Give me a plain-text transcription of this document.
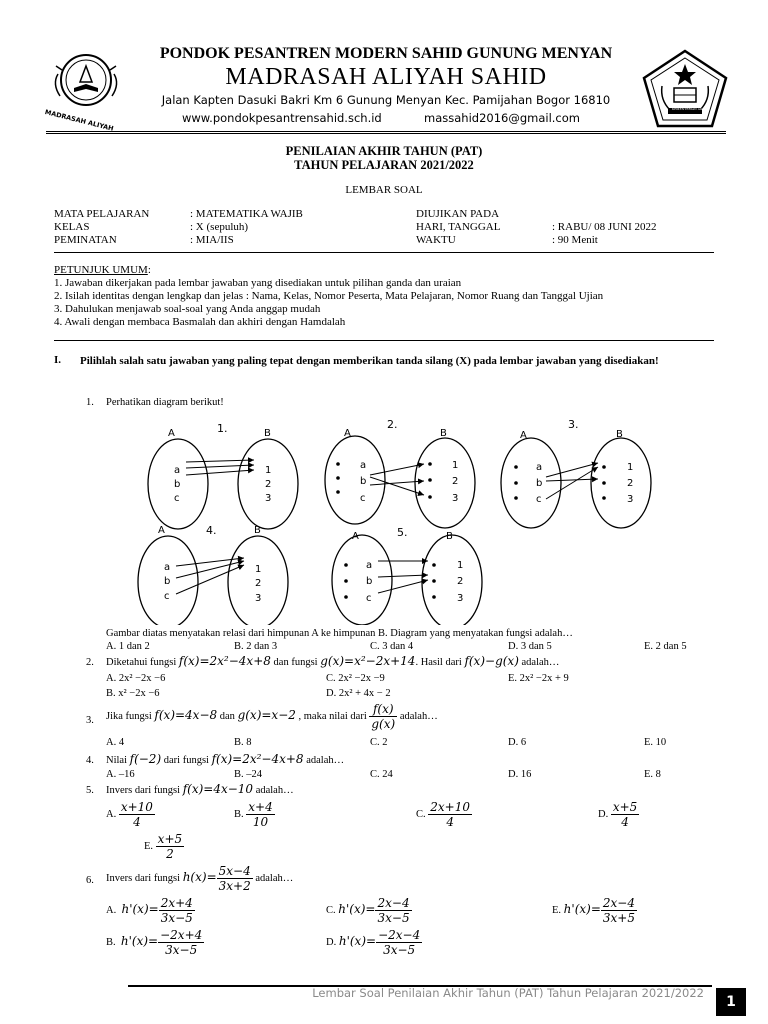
MADRASAH ALIYAH
PONDOK PESANTREN MODERN SAHID GUNUNG MENYAN
MADRASAH ALIYAH SAHID
Jalan Kapten Dasuki Bakri Km 6 Gunung Menyan Kec. Pamijahan Bogor 16810
www.pondokpesantrensahid.sch.id	massahid2016@gmail.com
KEMENTERIAN AGAMA
PENILAIAN AKHIR TAHUN (PAT)
TAHUN PELAJARAN 2021/2022
LEMBAR SOAL
MATA PELAJARAN	: MATEMATIKA WAJIB
KELAS	: X (sepuluh)
PEMINATAN	: MIA/IIS
DIUJIKAN PADA
HARI, TANGGAL	: RABU/ 08 JUNI 2022
WAKTU	: 90 Menit
PETUNJUK UMUM:
1. Jawaban dikerjakan pada lembar jawaban yang disediakan untuk pilihan ganda dan uraian
2. Isilah identitas dengan lengkap dan jelas : Nama, Kelas, Nomor Peserta, Mata Pelajaran, Nomor Ruang dan Tanggal Ujian
3. Dahulukan menjawab soal-soal yang Anda anggap mudah
4. Awali dengan membaca Basmalah dan akhiri dengan Hamdalah
I. Pilihlah salah satu jawaban yang paling tepat dengan memberikan tanda silang (X) pada lembar jawaban yang disediakan!
1. Perhatikan diagram berikut!
1.
A	B
a
b
c
1
2
3
2.
A	B
a
b
c
1
2
3
3.
A	B
a
b
c
1
2
3
4.
A	B
a
b
c
1
2
3
5.
A	B
a
b
c
1
2
3
Gambar diatas menyatakan relasi dari himpunan A ke himpunan B. Diagram yang menyatakan fungsi adalah…
A. 1 dan 2	B. 2 dan 3	C. 3 dan 4	D. 3 dan 5	E. 2 dan 5
2. Diketahui fungsi f(x)=2x²−4x+8 dan fungsi g(x)=x²−2x+14. Hasil dari f(x)−g(x) adalah…
A. 2x² −2x −6	C. 2x² −2x −9	E. 2x² −2x + 9
B. x² −2x −6	D. 2x² + 4x − 2
3. Jika fungsi f(x)=4x−8 dan g(x)=x−2 , maka nilai dari $\frac{f(x)}{g(x)}$ adalah…
A. 4	B. 8	C. 2	D. 6	E. 10
4. Nilai f(−2) dari fungsi f(x)=2x²−4x+8 adalah…
A. –16	B. –24	C. 24	D. 16	E. 8
5. Invers dari fungsi f(x)=4x−10 adalah…
A. $\frac{x+10}{4}$	B. $\frac{x+4}{10}$	C. $\frac{2x+10}{4}$	D. $\frac{x+5}{4}$
E. $\frac{x+5}{2}$
6. Invers dari fungsi $h(x)= \frac{5x-4}{3x+2}$ adalah…
A. $h'(x)= \frac{2x+4}{3x-5}$	C. $h'(x)= \frac{2x-4}{3x-5}$	E. $h'(x)= \frac{2x-4}{3x+5}$
B. $h'(x)= \frac{-2x+4}{3x-5}$	D. $h'(x)= \frac{-2x-4}{3x-5}$
Lembar Soal Penilaian Akhir Tahun (PAT) Tahun Pelajaran 2021/2022
1
